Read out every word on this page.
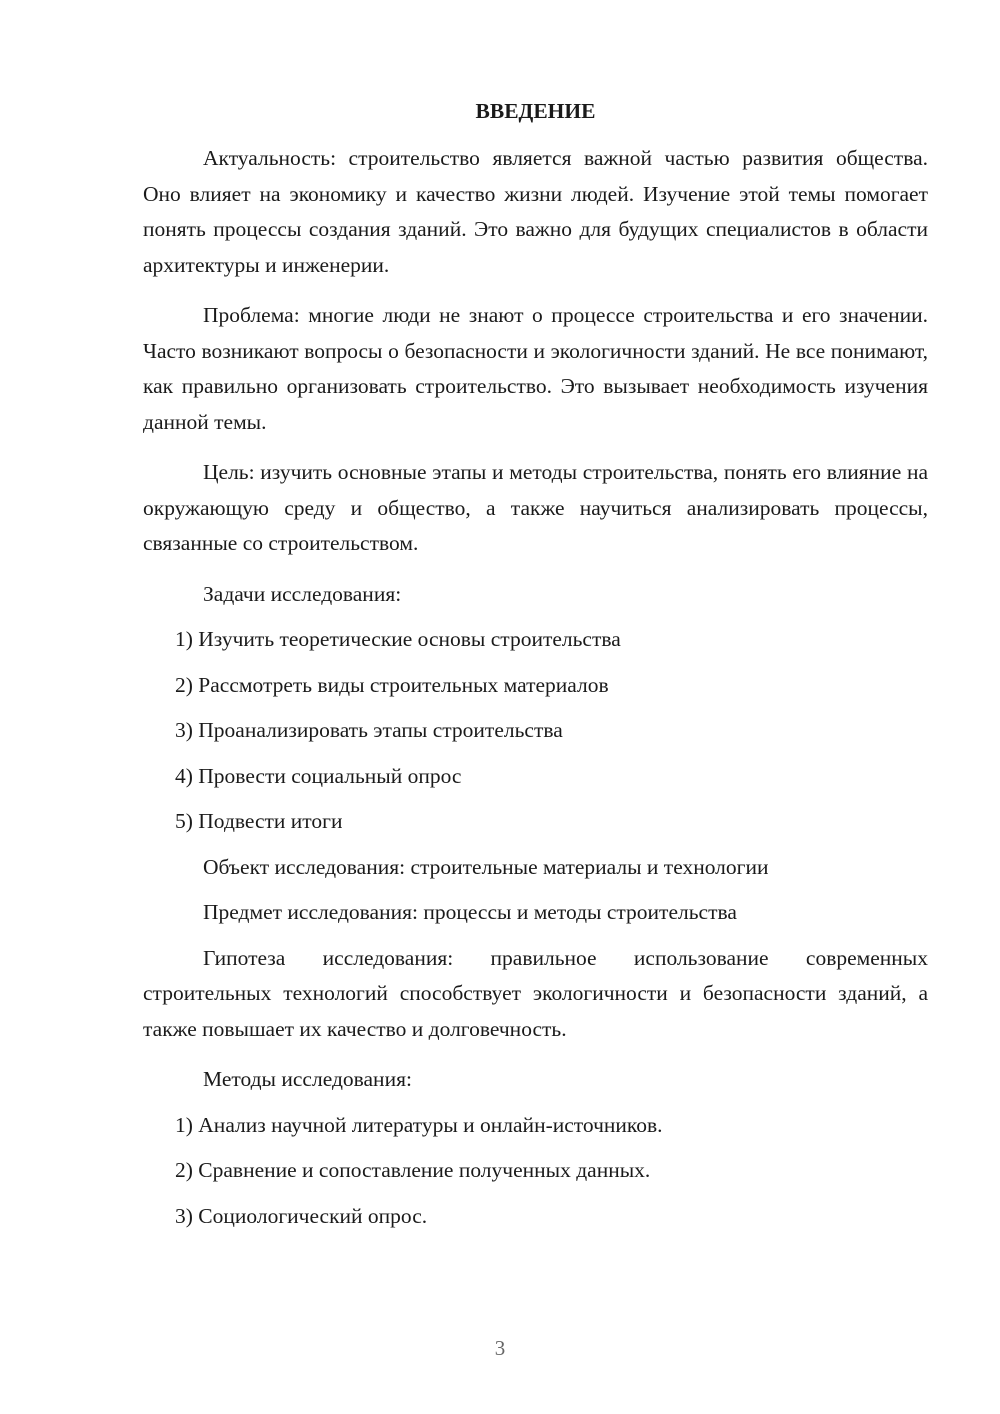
ВВЕДЕНИЕ

Актуальность: строительство является важной частью развития общества. Оно влияет на экономику и качество жизни людей. Изучение этой темы помогает понять процессы создания зданий. Это важно для будущих специалистов в области архитектуры и инженерии.

Проблема: многие люди не знают о процессе строительства и его значении. Часто возникают вопросы о безопасности и экологичности зданий. Не все понимают, как правильно организовать строительство. Это вызывает необходимость изучения данной темы.

Цель: изучить основные этапы и методы строительства, понять его влияние на окружающую среду и общество, а также научиться анализировать процессы, связанные со строительством.

Задачи исследования:

1) Изучить теоретические основы строительства
2) Рассмотреть виды строительных материалов
3) Проанализировать этапы строительства
4) Провести социальный опрос
5) Подвести итоги

Объект исследования: строительные материалы и технологии

Предмет исследования: процессы и методы строительства

Гипотеза исследования: правильное использование современных строительных технологий способствует экологичности и безопасности зданий, а также повышает их качество и долговечность.

Методы исследования:

1) Анализ научной литературы и онлайн-источников.
2) Сравнение и сопоставление полученных данных.
3) Социологический опрос.
3
